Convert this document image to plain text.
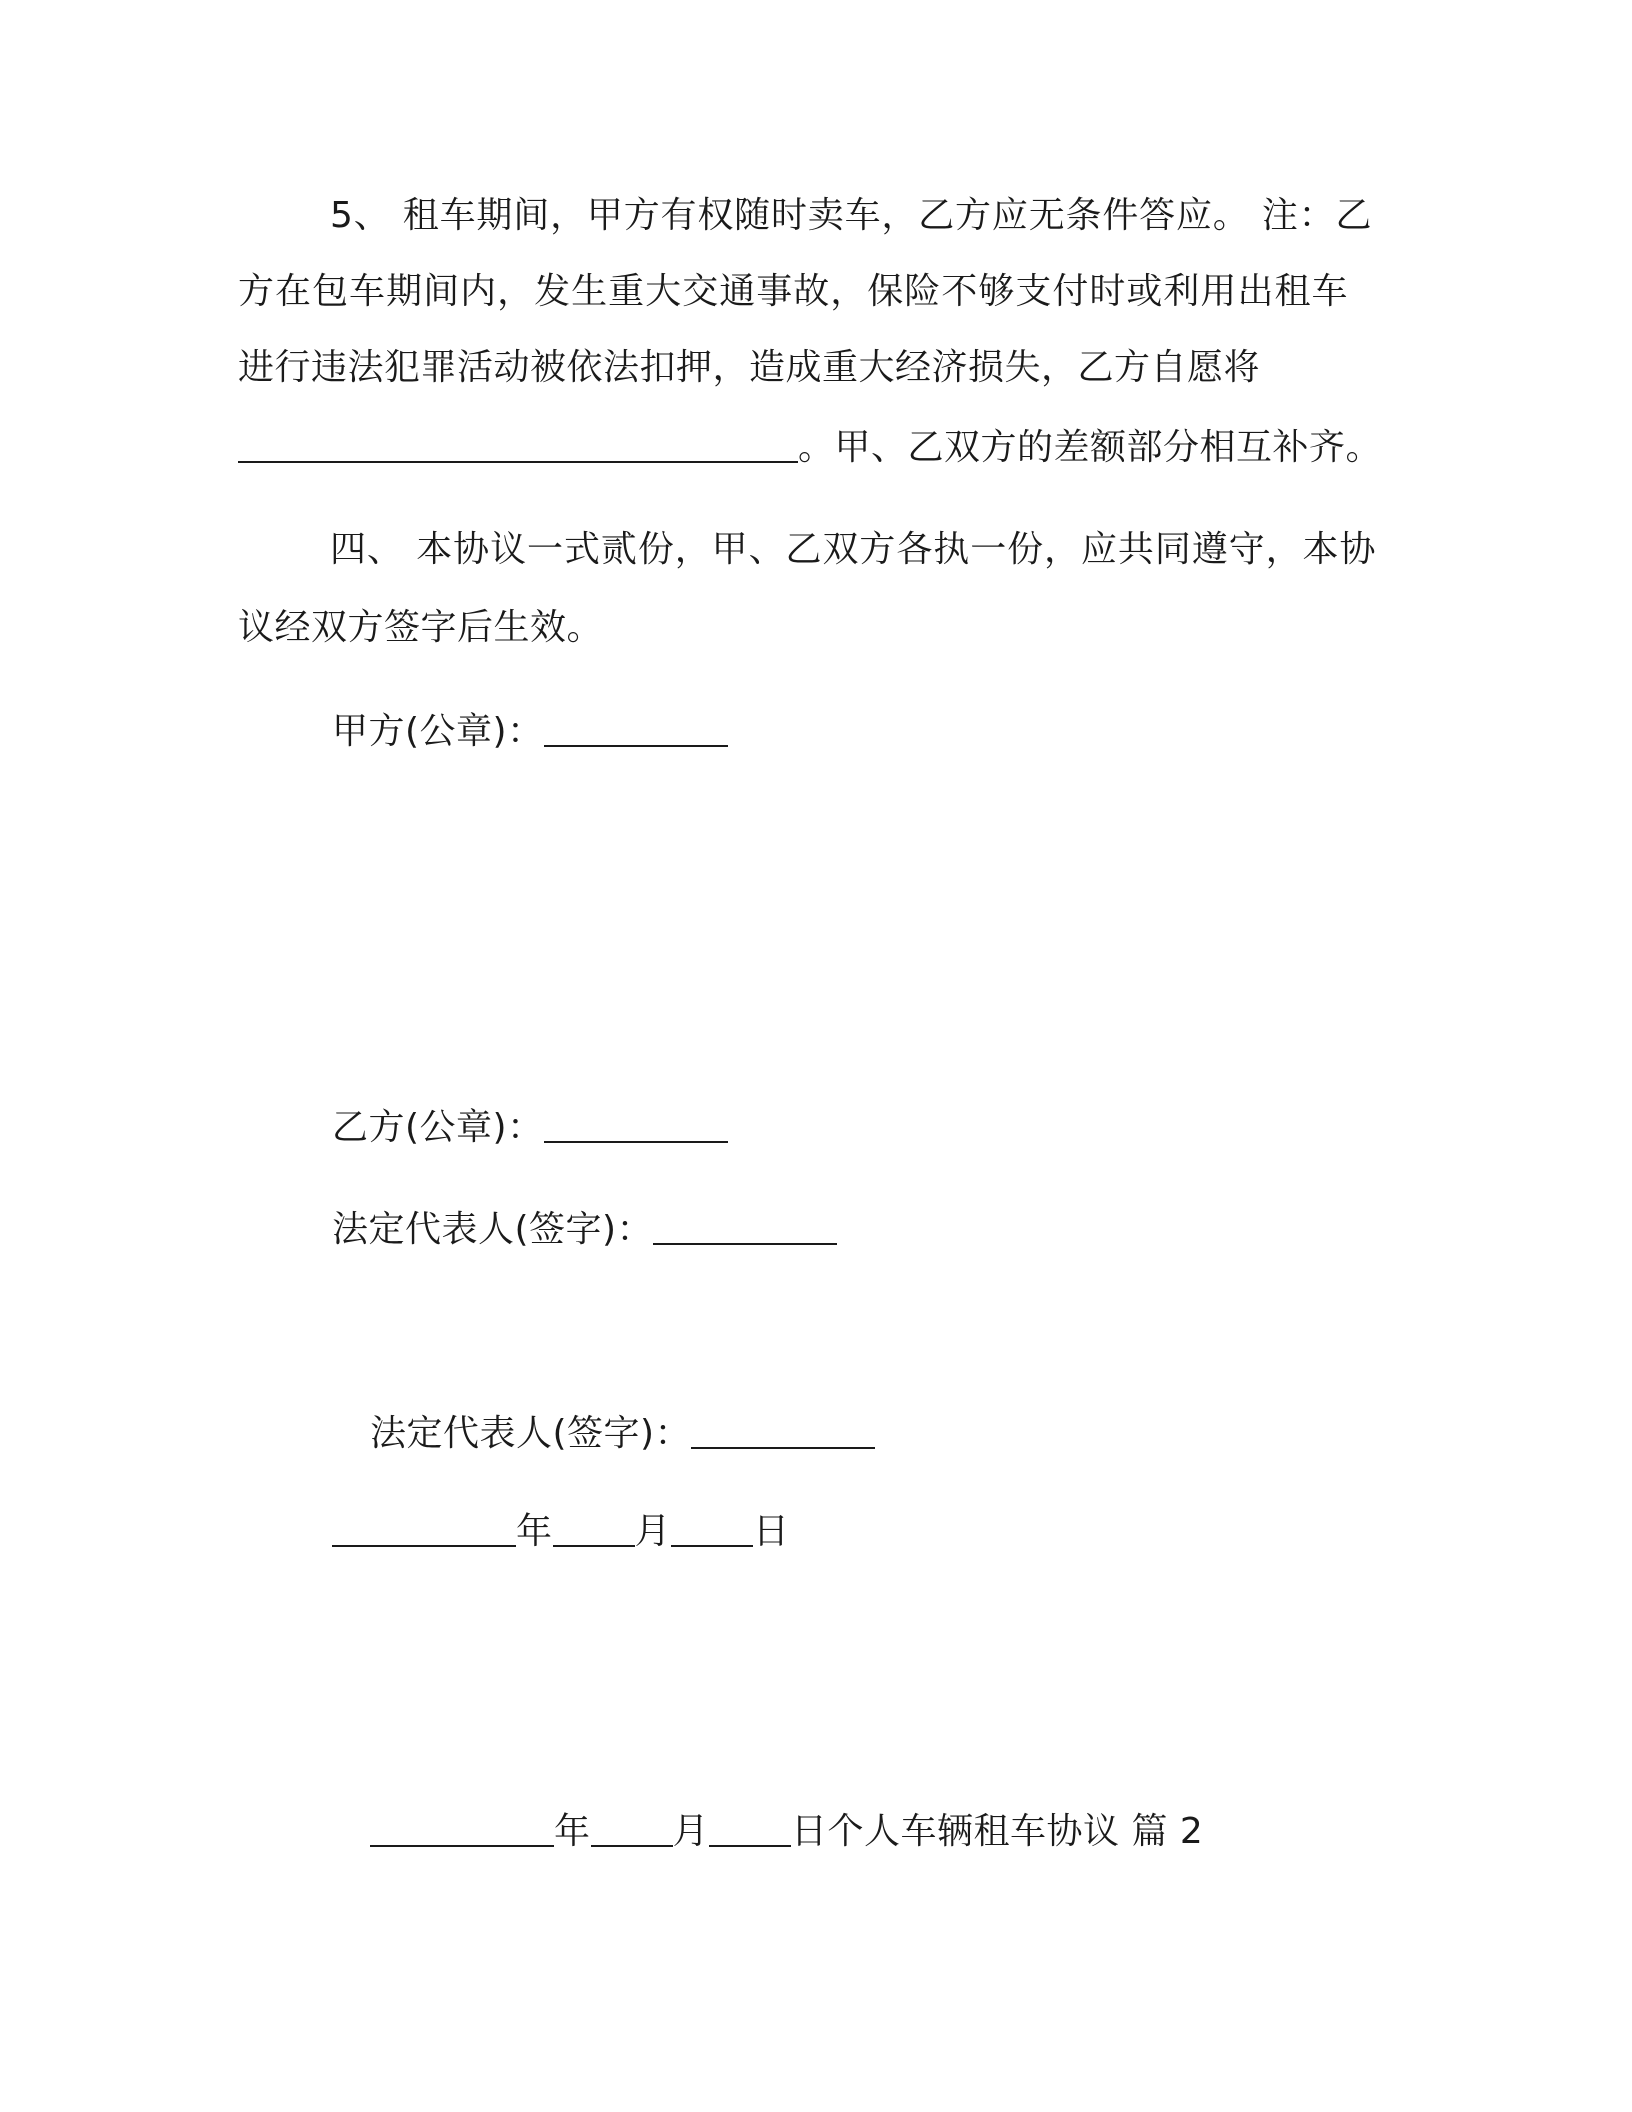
5、 租车期间，甲方有权随时卖车，乙方应无条件答应。 注：乙
方在包车期间内，发生重大交通事故，保险不够支付时或利用出租车
进行违法犯罪活动被依法扣押，造成重大经济损失，乙方自愿将
。甲、乙双方的差额部分相互补齐。
四、 本协议一式贰份，甲、乙双方各执一份，应共同遵守，本协
议经双方签字后生效。
甲方(公章)：
乙方(公章)：
法定代表人(签字)：
法定代表人(签字)：
年 月 日
年 月 日个人车辆租车协议 篇 2
